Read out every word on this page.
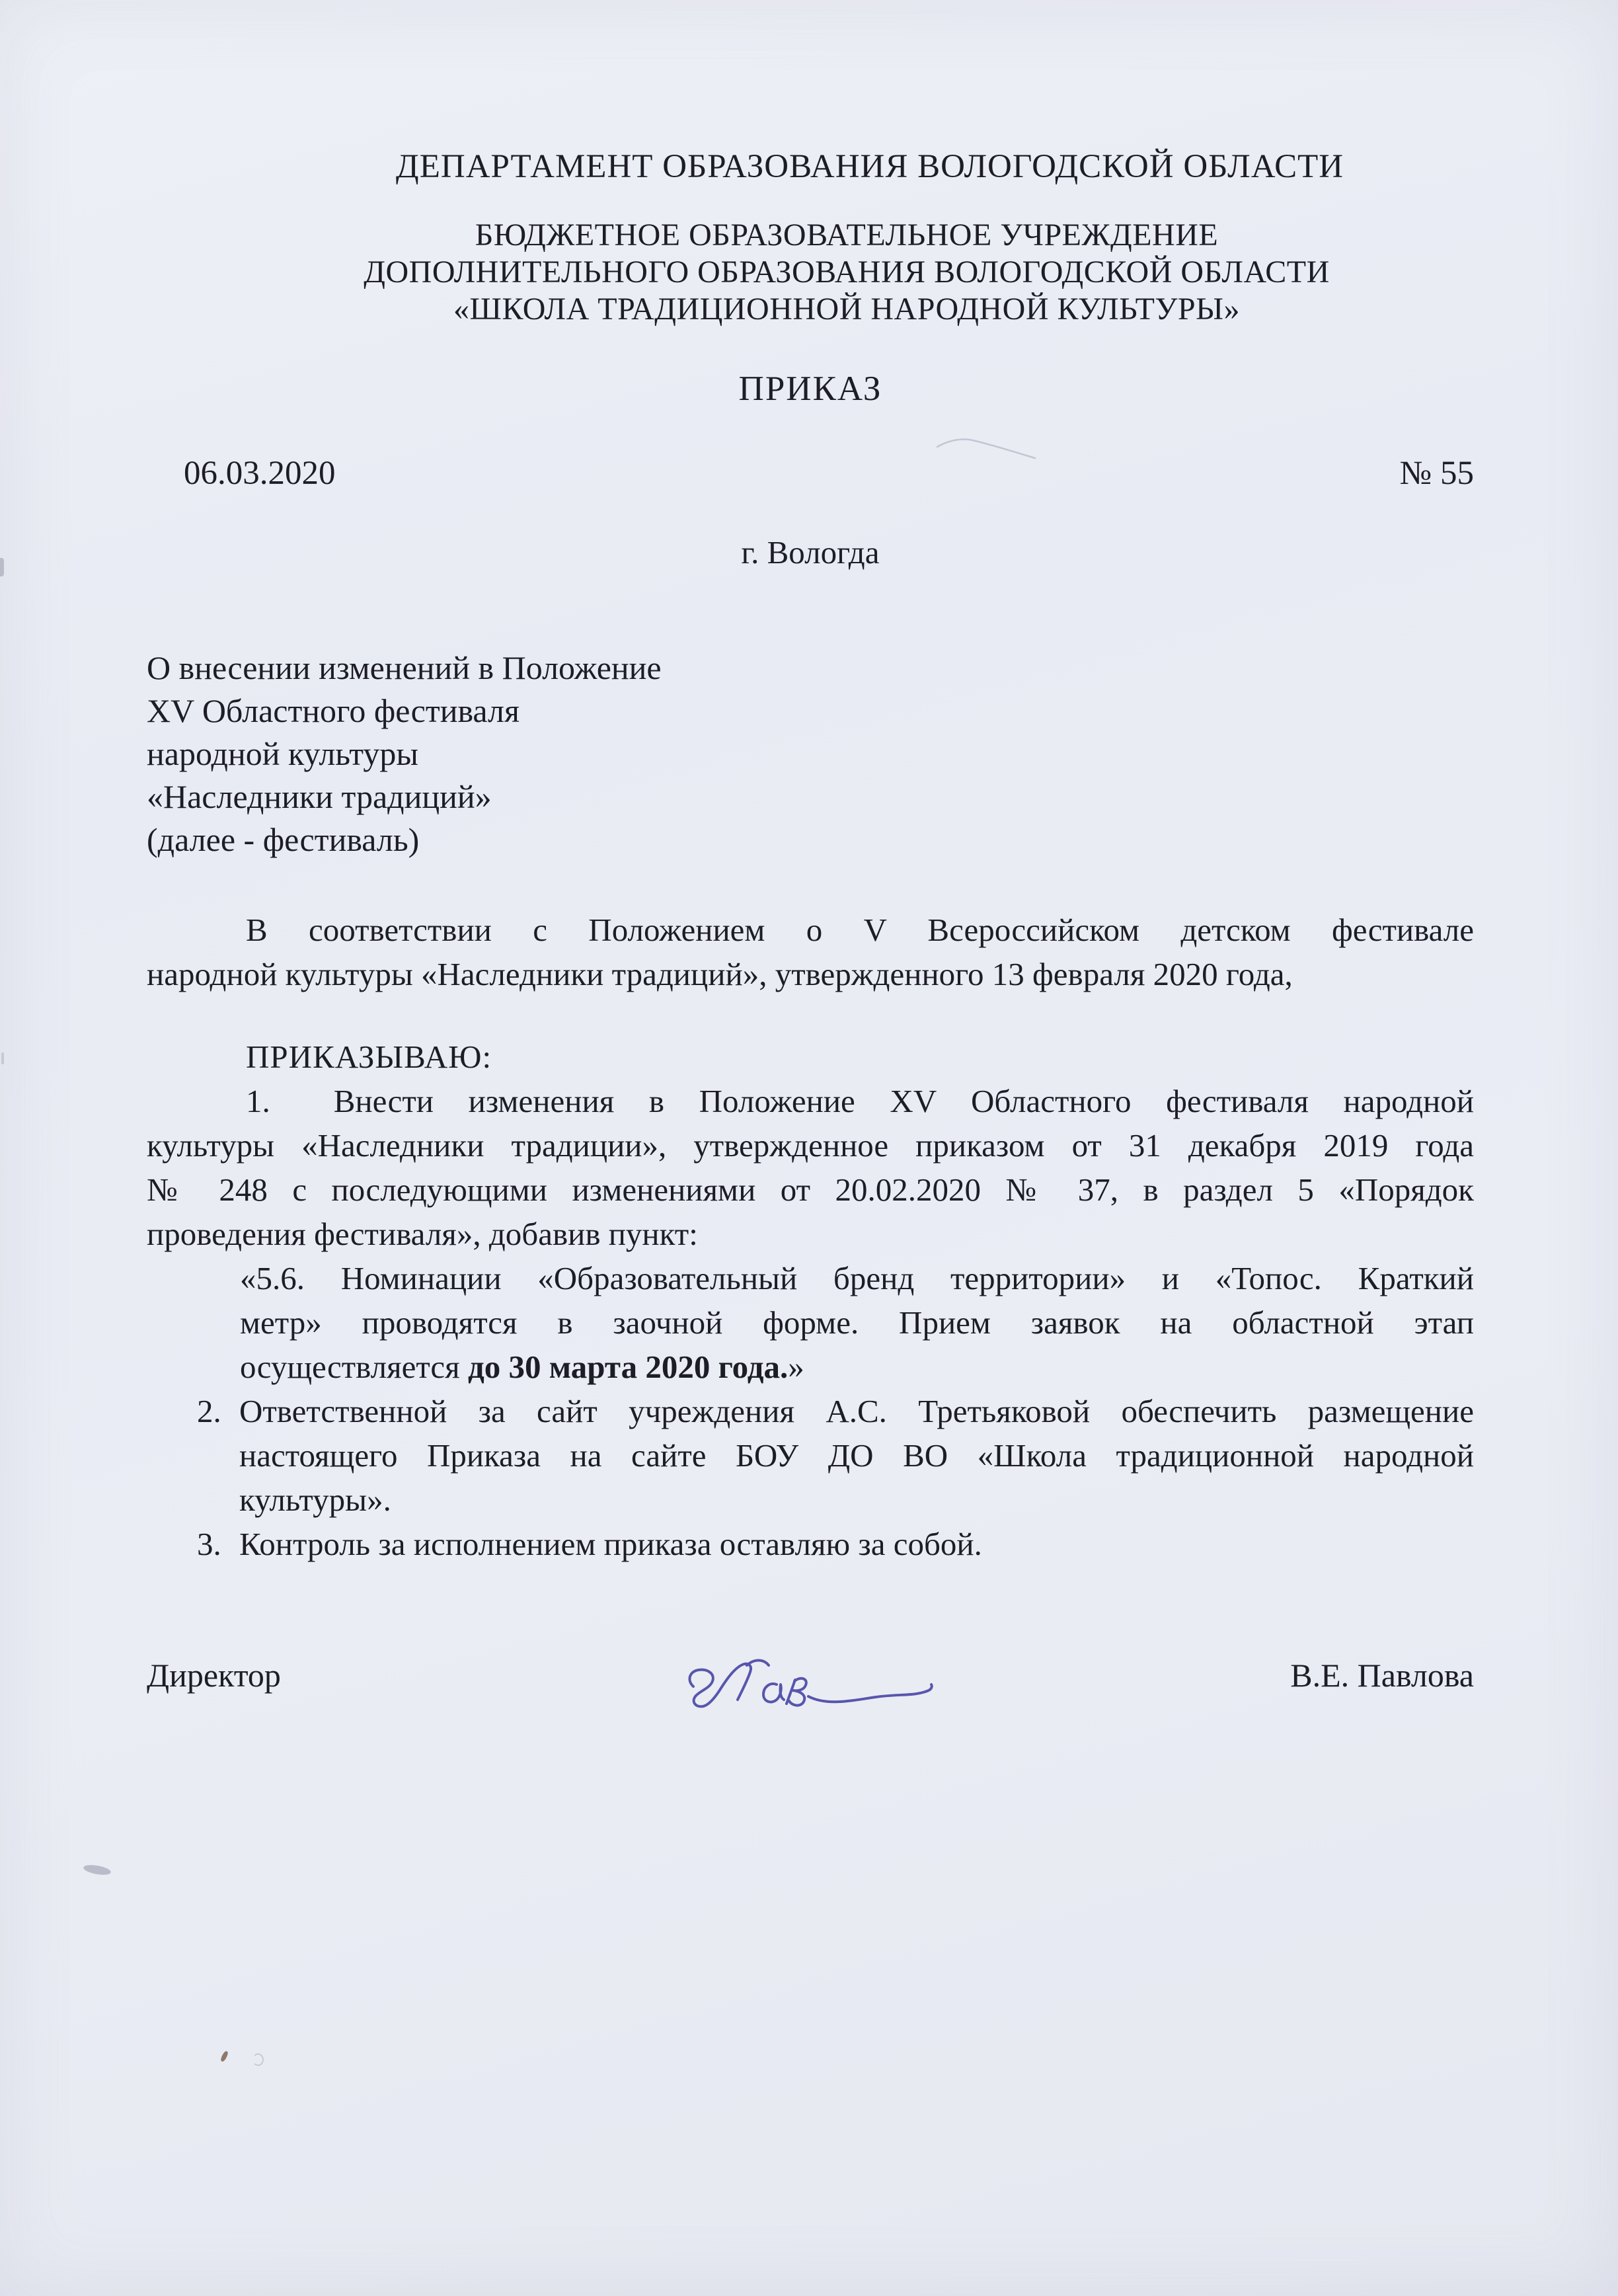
ДЕПАРТАМЕНТ ОБРАЗОВАНИЯ ВОЛОГОДСКОЙ ОБЛАСТИ
БЮДЖЕТНОЕ ОБРАЗОВАТЕЛЬНОЕ УЧРЕЖДЕНИЕ
ДОПОЛНИТЕЛЬНОГО ОБРАЗОВАНИЯ ВОЛОГОДСКОЙ ОБЛАСТИ
«ШКОЛА ТРАДИЦИОННОЙ НАРОДНОЙ КУЛЬТУРЫ»
ПРИКАЗ
06.03.2020	№ 55
г. Вологда
О внесении изменений в Положение
XV Областного фестиваля
народной культуры
«Наследники традиций»
(далее - фестиваль)
В соответствии с Положением о V Всероссийском детском фестивале
народной культуры «Наследники традиций», утвержденного 13 февраля 2020 года,
ПРИКАЗЫВАЮ:
1. Внести изменения в Положение XV Областного фестиваля народной
культуры «Наследники традиции», утвержденное приказом от 31 декабря 2019 года
№ 248 с последующими изменениями от 20.02.2020 № 37, в раздел 5 «Порядок
проведения фестиваля», добавив пункт:
«5.6. Номинации «Образовательный бренд территории» и «Топос. Краткий
метр» проводятся в заочной форме. Прием заявок на областной этап
осуществляется до 30 марта 2020 года.»
2. Ответственной за сайт учреждения А.С. Третьяковой обеспечить размещение
настоящего Приказа на сайте БОУ ДО ВО «Школа традиционной народной
культуры».
3. Контроль за исполнением приказа оставляю за собой.
Директор	В.Е. Павлова
